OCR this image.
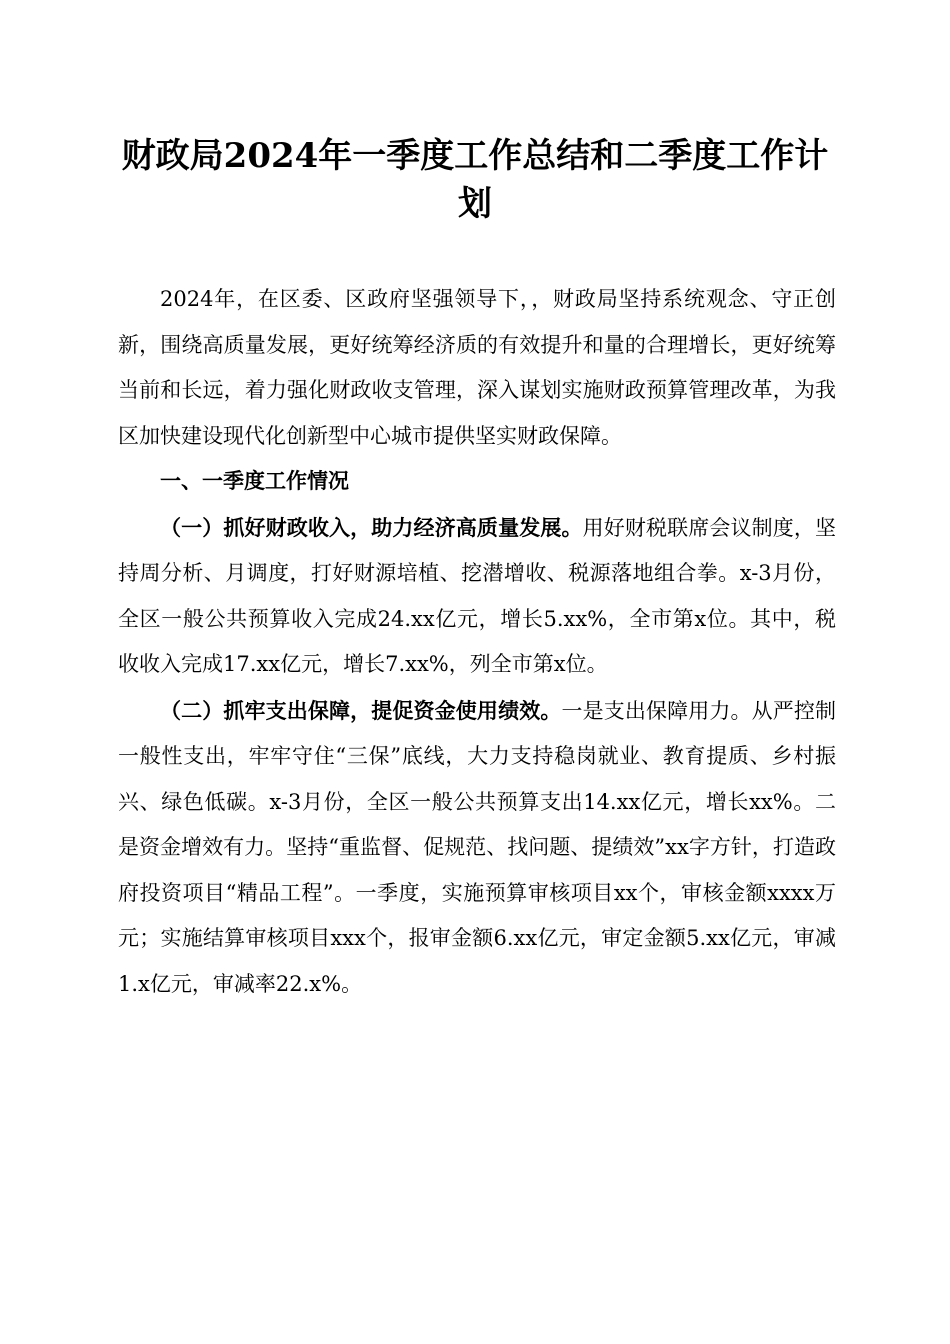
财政局2024年一季度工作总结和二季度工作计划

2024年，在区委、区政府坚强领导下，，财政局坚持系统观念、守正创新，围绕高质量发展，更好统筹经济质的有效提升和量的合理增长，更好统筹当前和长远，着力强化财政收支管理，深入谋划实施财政预算管理改革，为我区加快建设现代化创新型中心城市提供坚实财政保障。

一、一季度工作情况

（一）抓好财政收入，助力经济高质量发展。用好财税联席会议制度，坚持周分析、月调度，打好财源培植、挖潜增收、税源落地组合拳。x-3月份，全区一般公共预算收入完成24.xx亿元，增长5.xx%，全市第x位。其中，税收收入完成17.xx亿元，增长7.xx%，列全市第x位。

（二）抓牢支出保障，提促资金使用绩效。一是支出保障用力。从严控制一般性支出，牢牢守住“三保”底线，大力支持稳岗就业、教育提质、乡村振兴、绿色低碳。x-3月份，全区一般公共预算支出14.xx亿元，增长xx%。二是资金增效有力。坚持“重监督、促规范、找问题、提绩效”xx字方针，打造政府投资项目“精品工程”。一季度，实施预算审核项目xx个，审核金额xxxx万元；实施结算审核项目xxx个，报审金额6.xx亿元，审定金额5.xx亿元，审减1.x亿元，审减率22.x%。
